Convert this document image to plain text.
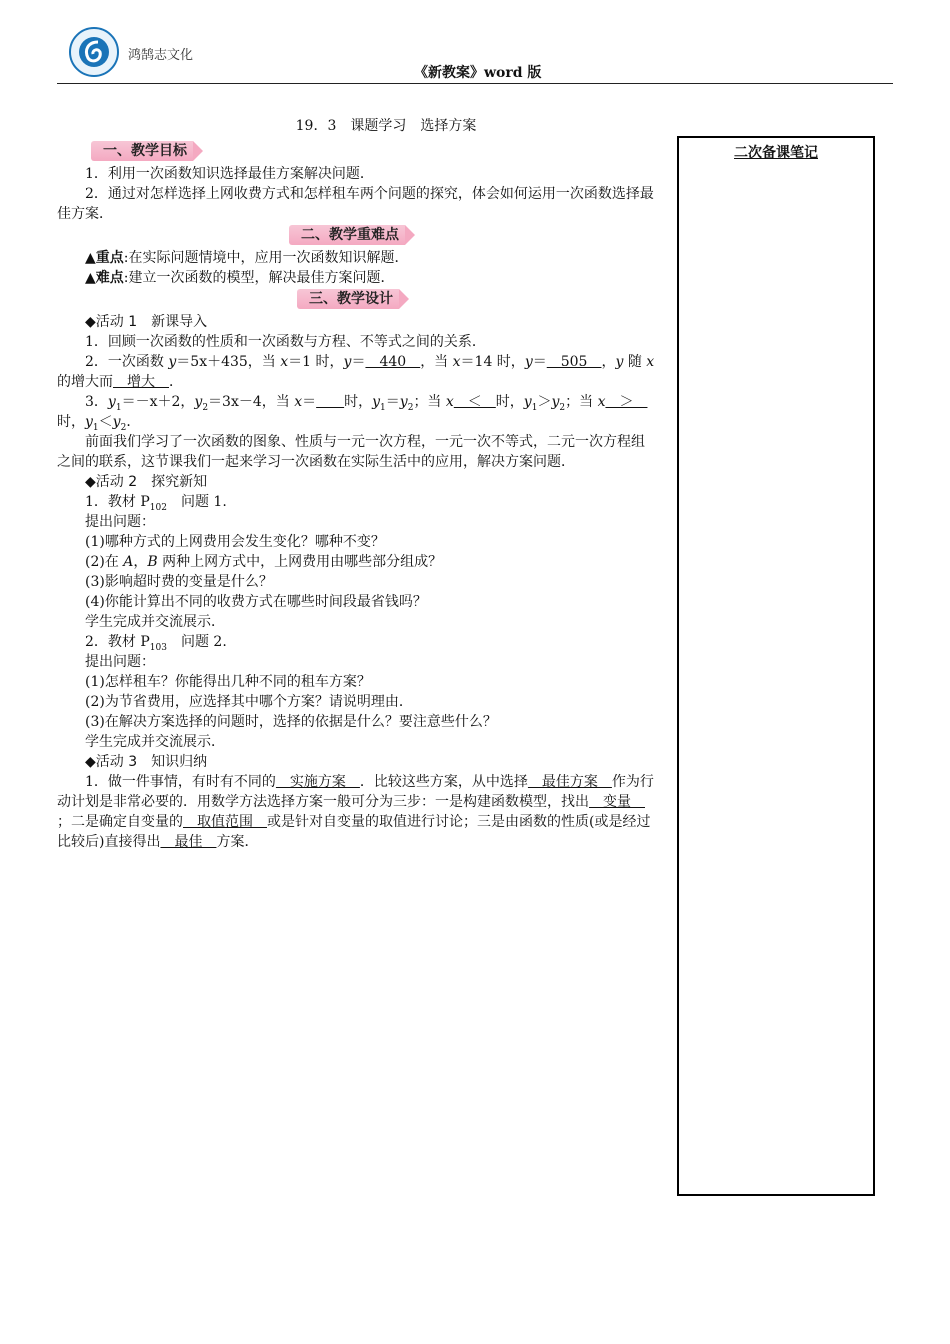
鸿鹄志文化
《新教案》word 版

19．3　课题学习　选择方案

一、教学目标

1．利用一次函数知识选择最佳方案解决问题．

2．通过对怎样选择上网收费方式和怎样租车两个问题的探究，体会如何运用一次函数选择最佳方案．

二、教学重难点

▲重点:在实际问题情境中，应用一次函数知识解题．

▲难点:建立一次函数的模型，解决最佳方案问题．

三、教学设计

◆活动 1　新课导入

1．回顾一次函数的性质和一次函数与方程、不等式之间的关系．

2．一次函数 y＝5x＋435，当 x＝1 时，y＝　440　，当 x＝14 时，y＝　505　，y 随 x 的增大而　增大　．

3．$y_1=-x+2$，$y_2=3x-4$，当 x＝　　 时，$y_1=y_2$；当 x　＜　时，$y_1>y_2$；当 x　＞　时，$y_1<y_2$．

前面我们学习了一次函数的图象、性质与一元一次方程，一元一次不等式，二元一次方程组之间的联系，这节课我们一起来学习一次函数在实际生活中的应用，解决方案问题．

◆活动 2　探究新知

1．教材 $P_{102}$　问题 1.

提出问题：

(1)哪种方式的上网费用会发生变化？哪种不变？

(2)在 A，B 两种上网方式中，上网费用由哪些部分组成？

(3)影响超时费的变量是什么？

(4)你能计算出不同的收费方式在哪些时间段最省钱吗？

学生完成并交流展示．

2．教材 $P_{103}$　问题 2.

提出问题：

(1)怎样租车？你能得出几种不同的租车方案？

(2)为节省费用，应选择其中哪个方案？请说明理由．

(3)在解决方案选择的问题时，选择的依据是什么？要注意些什么？

学生完成并交流展示．

◆活动 3　知识归纳

1．做一件事情，有时有不同的　实施方案　．比较这些方案，从中选择　最佳方案　作为行动计划是非常必要的．用数学方法选择方案一般可分为三步：一是构建函数模型，找出　变量　；二是确定自变量的　取值范围　或是针对自变量的取值进行讨论；三是由函数的性质(或是经过比较后)直接得出　最佳　方案．

二次备课笔记
